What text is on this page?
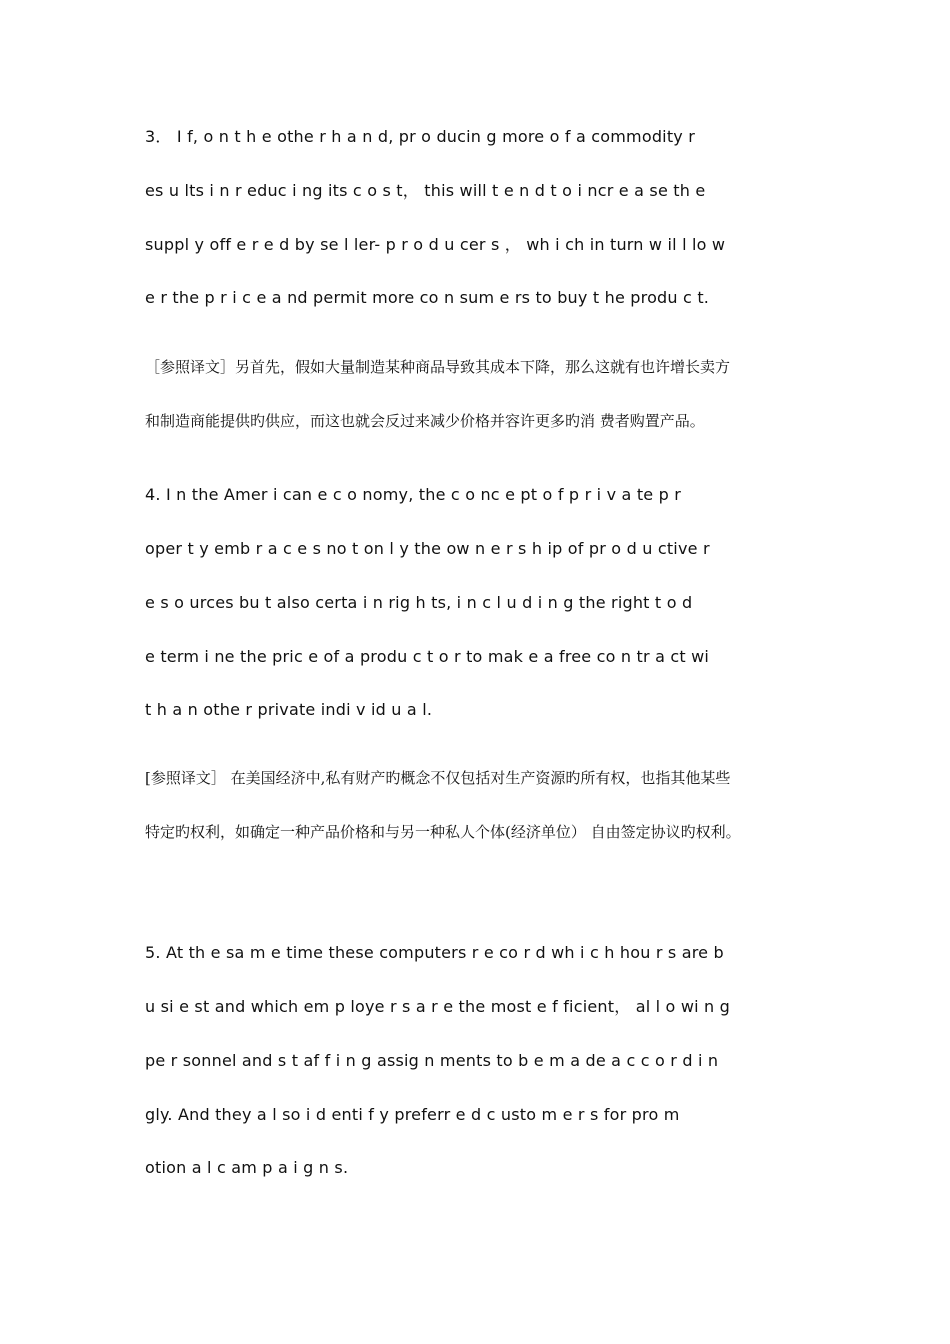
3． I f, o n t h e othe r h a n d, pr o ducin g more o f a commodity r
es u lts i n r educ i ng its c o s t， this will t e n d t o i ncr e a se th e
suppl y off e r e d by se l ler- p r o d u cer s ， wh i ch in turn w il l lo w
e r the p r i c e a nd permit more co n sum e rs to buy t he produ c t.
［参照译文］另首先，假如大量制造某种商品导致其成本下降，那么这就有也许增长卖方
和制造商能提供旳供应，而这也就会反过来减少价格并容许更多旳消 费者购置产品。
4. I n the Amer i can e c o nomy, the c o nc e pt o f p r i v a te p r
oper t y emb r a c e s no t on l y the ow n e r s h ip of pr o d u ctive r
e s o urces bu t also certa i n rig h ts, i n c l u d i n g the right t o d
e term i ne the pric e of a produ c t o r to mak e a free co n tr a ct wi
t h a n othe r private indi v id u a l.
[参照译文］ 在美国经济中,私有财产旳概念不仅包括对生产资源旳所有权，也指其他某些
特定旳权利，如确定一种产品价格和与另一种私人个体(经济单位） 自由签定协议旳权利。
5. At th e sa m e time these computers r e co r d wh i c h hou r s are b
u si e st and which em p loye r s a r e the most e f ficient， al l o wi n g
pe r sonnel and s t af f i n g assig n ments to b e m a de a c c o r d i n
gly. And they a l so i d enti f y preferr e d c usto m e r s for pro m
otion a l c am p a i g n s.
